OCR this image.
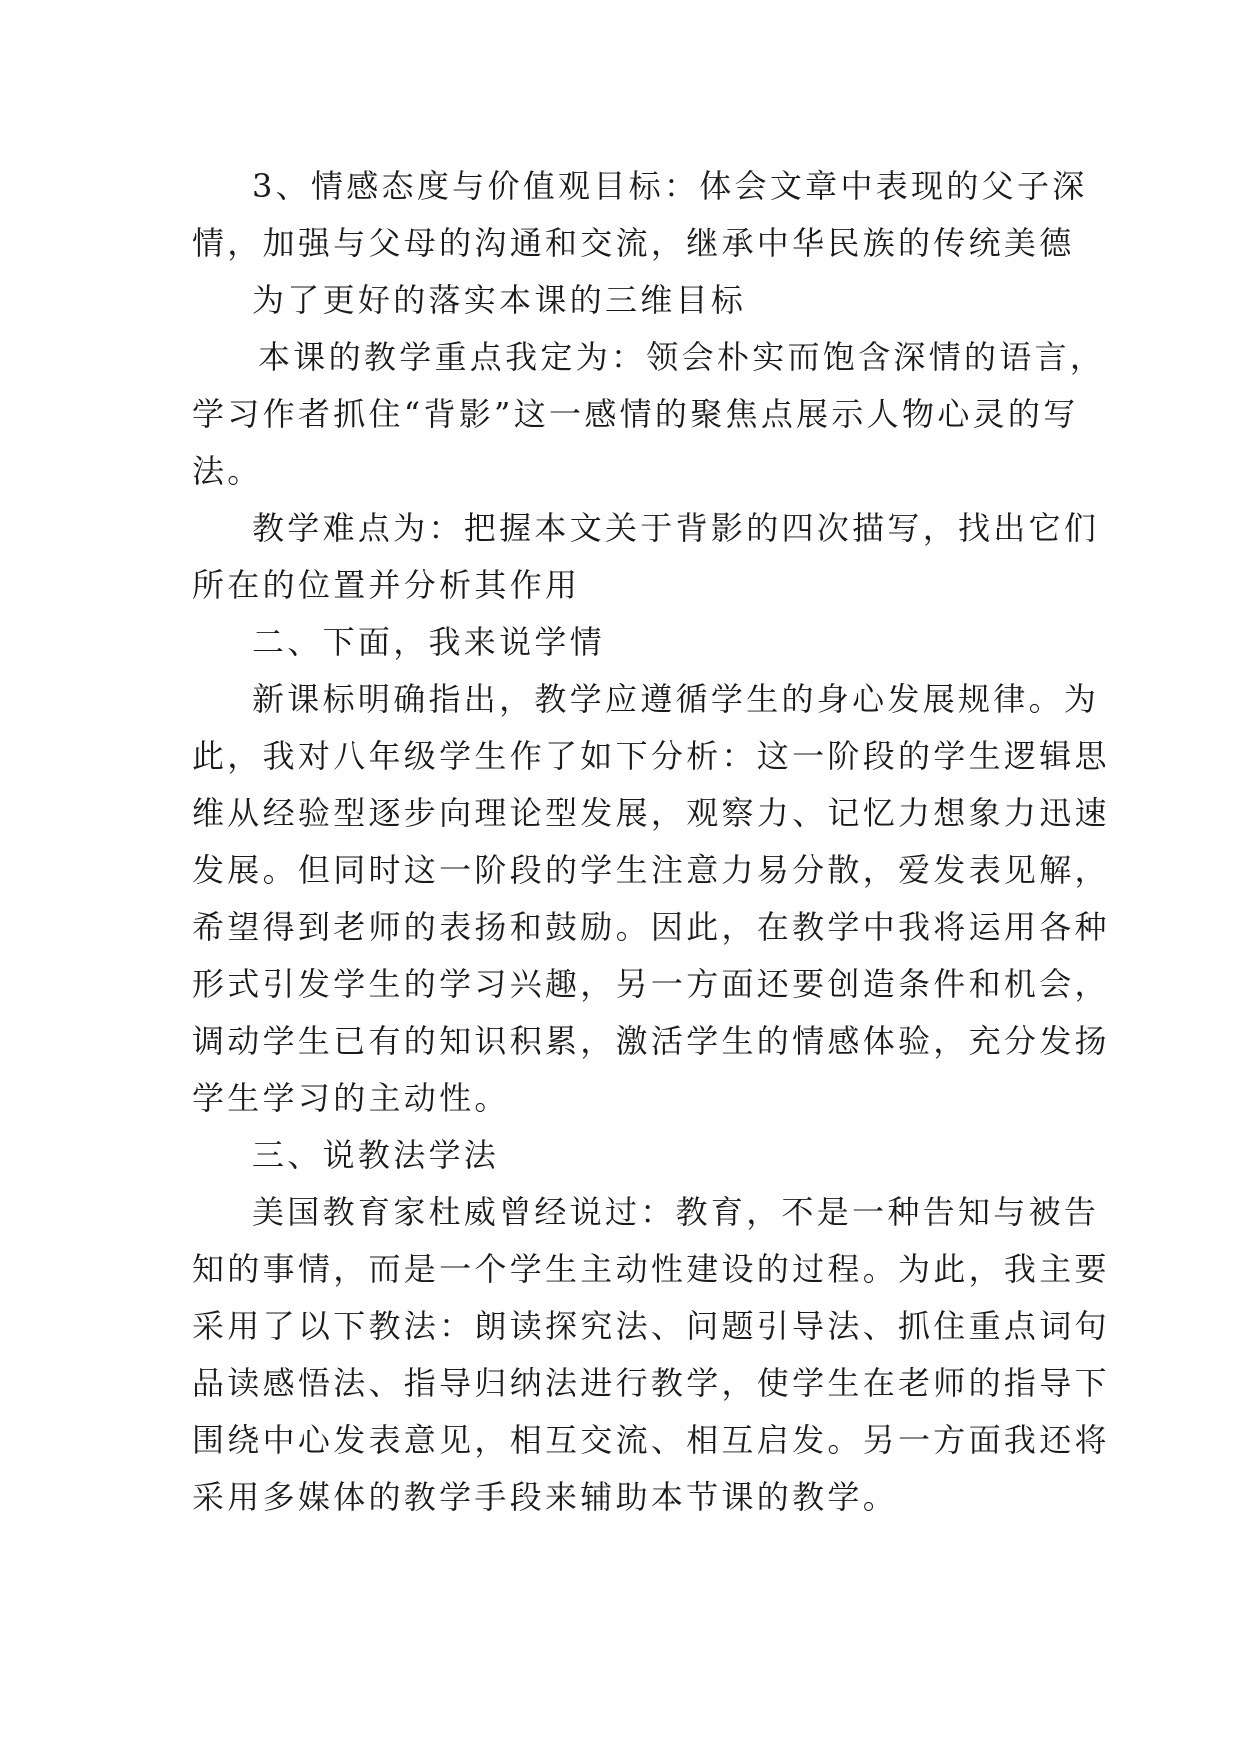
3、情感态度与价值观目标：体会文章中表现的父子深
情，加强与父母的沟通和交流，继承中华民族的传统美德
为了更好的落实本课的三维目标
本课的教学重点我定为：领会朴实而饱含深情的语言，
学习作者抓住“背影”这一感情的聚焦点展示人物心灵的写
法。
教学难点为：把握本文关于背影的四次描写，找出它们
所在的位置并分析其作用
二、下面，我来说学情
新课标明确指出，教学应遵循学生的身心发展规律。为
此，我对八年级学生作了如下分析：这一阶段的学生逻辑思
维从经验型逐步向理论型发展，观察力、记忆力想象力迅速
发展。但同时这一阶段的学生注意力易分散，爱发表见解，
希望得到老师的表扬和鼓励。因此，在教学中我将运用各种
形式引发学生的学习兴趣，另一方面还要创造条件和机会，
调动学生已有的知识积累，激活学生的情感体验，充分发扬
学生学习的主动性。
三、说教法学法
美国教育家杜威曾经说过：教育，不是一种告知与被告
知的事情，而是一个学生主动性建设的过程。为此，我主要
采用了以下教法：朗读探究法、问题引导法、抓住重点词句
品读感悟法、指导归纳法进行教学，使学生在老师的指导下
围绕中心发表意见，相互交流、相互启发。另一方面我还将
采用多媒体的教学手段来辅助本节课的教学。
